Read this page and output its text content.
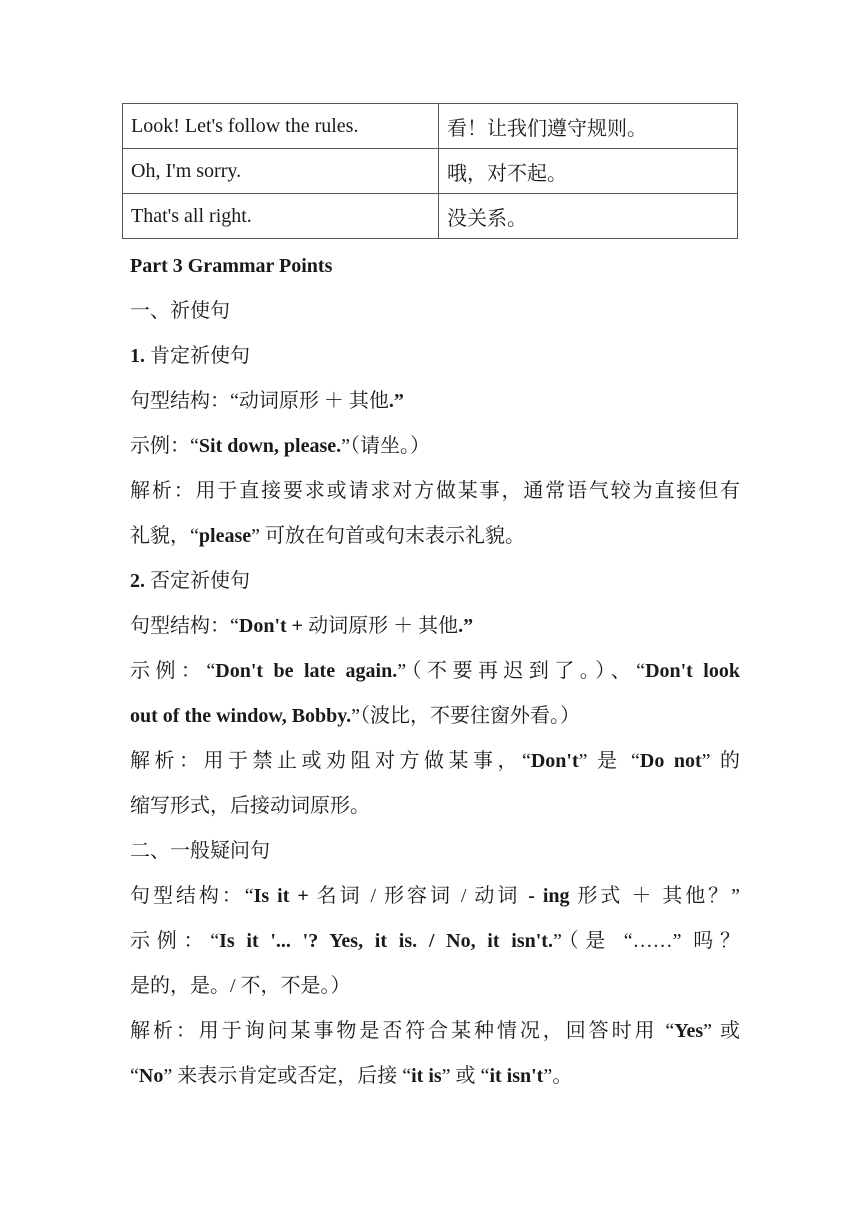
Look! Let's follow the rules.	看！让我们遵守规则。
Oh, I'm sorry.	哦，对不起。
That's all right.	没关系。
Part 3 Grammar Points
一、祈使句
1. 肯定祈使句
句型结构：“动词原形 ＋ 其他.”
示例：“Sit down, please.”（请坐。）
解析：用于直接要求或请求对方做某事，通常语气较为直接但有
礼貌，“please” 可放在句首或句末表示礼貌。
2. 否定祈使句
句型结构：“Don't + 动词原形 ＋ 其他.”
示例：“Don't be late again.”（不要再迟到了。）、“Don't look
out of the window, Bobby.”（波比，不要往窗外看。）
解析：用于禁止或劝阻对方做某事，“Don't” 是 “Do not” 的
缩写形式，后接动词原形。
二、一般疑问句
句型结构：“Is it + 名词 / 形容词 / 动词 - ing 形式 ＋ 其他？”
示例：“Is it '... '? Yes, it is. / No, it isn't.”（是 “……” 吗？
是的，是。/ 不，不是。）
解析：用于询问某事物是否符合某种情况，回答时用 “Yes” 或
“No” 来表示肯定或否定，后接 “it is” 或 “it isn't”。
